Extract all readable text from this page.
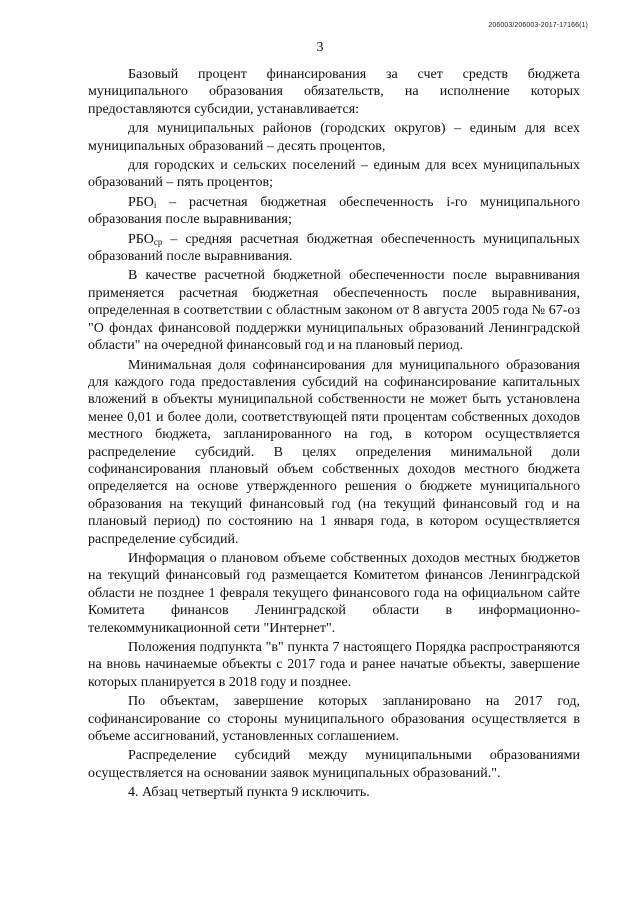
206003/206003-2017-17166(1)
3

Базовый процент финансирования за счет средств бюджета муниципального образования обязательств, на исполнение которых предоставляются субсидии, устанавливается:

для муниципальных районов (городских округов) – единым для всех муниципальных образований – десять процентов,

для городских и сельских поселений – единым для всех муниципальных образований – пять процентов;

$РБО_i$ – расчетная бюджетная обеспеченность i-го муниципального образования после выравнивания;

$РБО_{ср}$ – средняя расчетная бюджетная обеспеченность муниципальных образований после выравнивания.

В качестве расчетной бюджетной обеспеченности после выравнивания применяется расчетная бюджетная обеспеченность после выравнивания, определенная в соответствии с областным законом от 8 августа 2005 года № 67-оз "О фондах финансовой поддержки муниципальных образований Ленинградской области" на очередной финансовый год и на плановый период.

Минимальная доля софинансирования для муниципального образования для каждого года предоставления субсидий на софинансирование капитальных вложений в объекты муниципальной собственности не может быть установлена менее 0,01 и более доли, соответствующей пяти процентам собственных доходов местного бюджета, запланированного на год, в котором осуществляется распределение субсидий. В целях определения минимальной доли софинансирования плановый объем собственных доходов местного бюджета определяется на основе утвержденного решения о бюджете муниципального образования на текущий финансовый год (на текущий финансовый год и на плановый период) по состоянию на 1 января года, в котором осуществляется распределение субсидий.

Информация о плановом объеме собственных доходов местных бюджетов на текущий финансовый год размещается Комитетом финансов Ленинградской области не позднее 1 февраля текущего финансового года на официальном сайте Комитета финансов Ленинградской области в информационно-телекоммуникационной сети "Интернет".

Положения подпункта "в" пункта 7 настоящего Порядка распространяются на вновь начинаемые объекты с 2017 года и ранее начатые объекты, завершение которых планируется в 2018 году и позднее.

По объектам, завершение которых запланировано на 2017 год, софинансирование со стороны муниципального образования осуществляется в объеме ассигнований, установленных соглашением.

Распределение субсидий между муниципальными образованиями осуществляется на основании заявок муниципальных образований.".

4. Абзац четвертый пункта 9 исключить.
